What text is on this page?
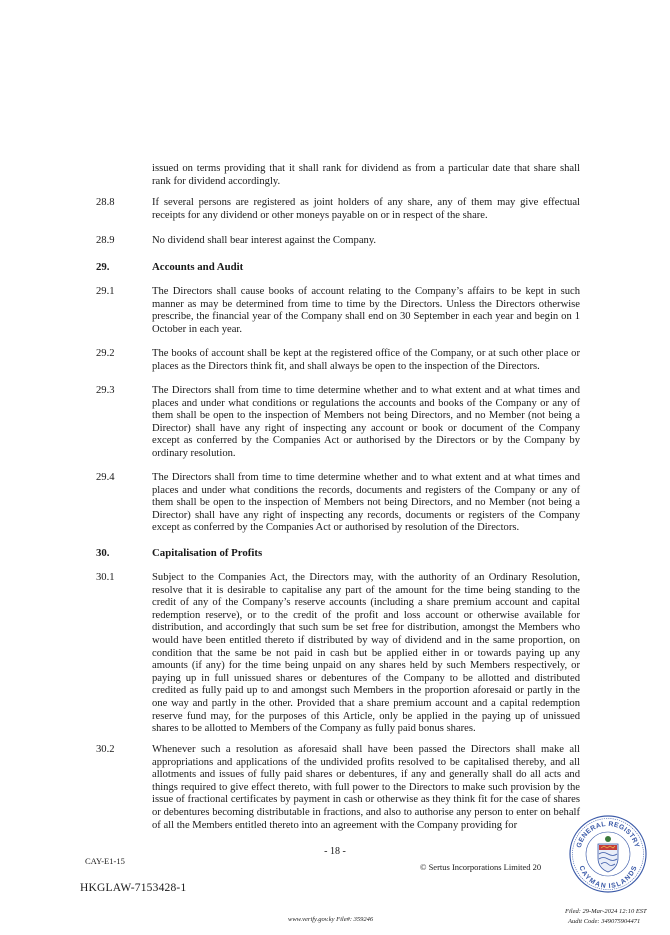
issued on terms providing that it shall rank for dividend as from a particular date that share shall rank for dividend accordingly.
28.8	If several persons are registered as joint holders of any share, any of them may give effectual receipts for any dividend or other moneys payable on or in respect of the share.
28.9	No dividend shall bear interest against the Company.
29.	Accounts and Audit
29.1	The Directors shall cause books of account relating to the Company’s affairs to be kept in such manner as may be determined from time to time by the Directors. Unless the Directors otherwise prescribe, the financial year of the Company shall end on 30 September in each year and begin on 1 October in each year.
29.2	The books of account shall be kept at the registered office of the Company, or at such other place or places as the Directors think fit, and shall always be open to the inspection of the Directors.
29.3	The Directors shall from time to time determine whether and to what extent and at what times and places and under what conditions or regulations the accounts and books of the Company or any of them shall be open to the inspection of Members not being Directors, and no Member (not being a Director) shall have any right of inspecting any account or book or document of the Company except as conferred by the Companies Act or authorised by the Directors or by the Company by ordinary resolution.
29.4	The Directors shall from time to time determine whether and to what extent and at what times and places and under what conditions the records, documents and registers of the Company or any of them shall be open to the inspection of Members not being Directors, and no Member (not being a Director) shall have any right of inspecting any records, documents or registers of the Company except as conferred by the Companies Act or authorised by resolution of the Directors.
30.	Capitalisation of Profits
30.1	Subject to the Companies Act, the Directors may, with the authority of an Ordinary Resolution, resolve that it is desirable to capitalise any part of the amount for the time being standing to the credit of any of the Company’s reserve accounts (including a share premium account and capital redemption reserve), or to the credit of the profit and loss account or otherwise available for distribution, and accordingly that such sum be set free for distribution, amongst the Members who would have been entitled thereto if distributed by way of dividend and in the same proportion, on condition that the same be not paid in cash but be applied either in or towards paying up any amounts (if any) for the time being unpaid on any shares held by such Members respectively, or paying up in full unissued shares or debentures of the Company to be allotted and distributed credited as fully paid up to and amongst such Members in the proportion aforesaid or partly in the one way and partly in the other. Provided that a share premium account and a capital redemption reserve fund may, for the purposes of this Article, only be applied in the paying up of unissued shares to be allotted to Members of the Company as fully paid bonus shares.
30.2	Whenever such a resolution as aforesaid shall have been passed the Directors shall make all appropriations and applications of the undivided profits resolved to be capitalised thereby, and all allotments and issues of fully paid shares or debentures, if any and generally shall do all acts and things required to give effect thereto, with full power to the Directors to make such provision by the issue of fractional certificates by payment in cash or otherwise as they think fit for the case of shares or debentures becoming distributable in fractions, and also to authorise any person to enter on behalf of all the Members entitled thereto into an agreement with the Company providing for
CAY-E1-15
- 18 -
© Sertus Incorporations Limited 20
HKGLAW-7153428-1
www.verify.gov.ky File#: 359246
Filed: 29-Mar-2024 12:10 EST
Audit Code: 349075904471
GENERAL REGISTRY
CAYMAN ISLANDS
